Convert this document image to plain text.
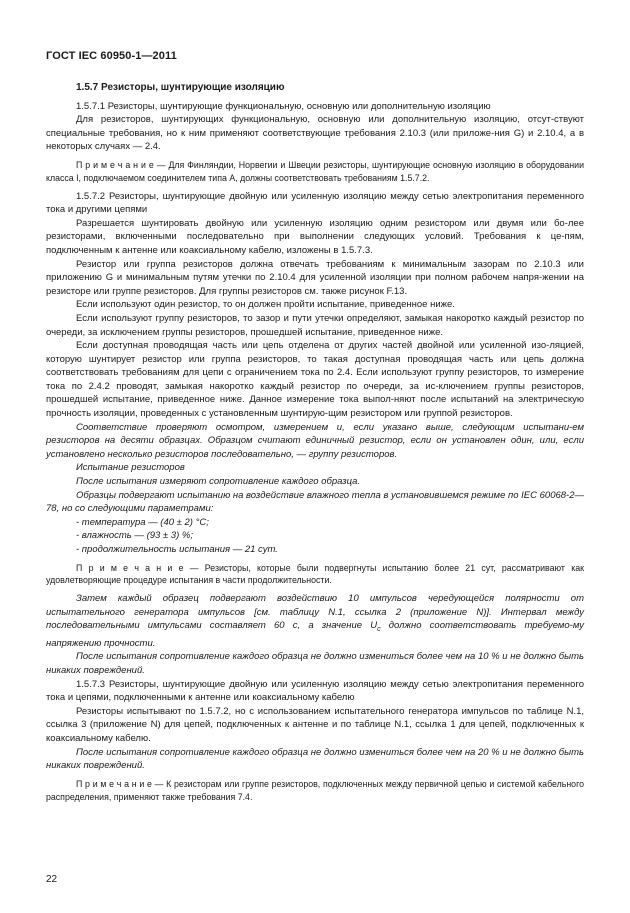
ГОСТ IEC 60950-1—2011

1.5.7 Резисторы, шунтирующие изоляцию

1.5.7.1 Резисторы, шунтирующие функциональную, основную или дополнительную изоляцию

Для резисторов, шунтирующих функциональную, основную или дополнительную изоляцию, отсут-ствуют специальные требования, но к ним применяют соответствующие требования 2.10.3 (или приложе-ния G) и 2.10.4, а в некоторых случаях — 2.4.

П р и м е ч а н и е — Для Финляндии, Норвегии и Швеции резисторы, шунтирующие основную изоляцию в оборудовании класса I, подключаемом соединителем типа А, должны соответствовать требованиям 1.5.7.2.

1.5.7.2 Резисторы, шунтирующие двойную или усиленную изоляцию между сетью электропитания переменного тока и другими цепями

Разрешается шунтировать двойную или усиленную изоляцию одним резистором или двумя или бо-лее резисторами, включенными последовательно при выполнении следующих условий. Требования к це-пям, подключенным к антенне или коаксиальному кабелю, изложены в 1.5.7.3.

Резистор или группа резисторов должна отвечать требованиям к минимальным зазорам по 2.10.3 или приложению G и минимальным путям утечки по 2.10.4 для усиленной изоляции при полном рабочем напря-жении на резисторе или группе резисторов. Для группы резисторов см. также рисунок F.13.

Если используют один резистор, то он должен пройти испытание, приведенное ниже.

Если используют группу резисторов, то зазор и пути утечки определяют, замыкая накоротко каждый резистор по очереди, за исключением группы резисторов, прошедшей испытание, приведенное ниже.

Если доступная проводящая часть или цепь отделена от других частей двойной или усиленной изо-ляцией, которую шунтирует резистор или группа резисторов, то такая доступная проводящая часть или цепь должна соответствовать требованиям для цепи с ограничением тока по 2.4. Если используют группу резисторов, то измерение тока по 2.4.2 проводят, замыкая накоротко каждый резистор по очереди, за ис-ключением группы резисторов, прошедшей испытание, приведенное ниже. Данное измерение тока выпол-няют после испытаний на электрическую прочность изоляции, проведенных с установленным шунтирую-щим резистором или группой резисторов.

Соответствие проверяют осмотром, измерением и, если указано выше, следующим испытани-ем резисторов на десяти образцах. Образцом считают единичный резистор, если он установлен один, или, если установлено несколько резисторов последовательно, — группу резисторов.

Испытание резисторов

После испытания измеряют сопротивление каждого образца.

Образцы подвергают испытанию на воздействие влажного тепла в установившемся режиме по IEC 60068-2—78, но со следующими параметрами:

- температура — (40 ± 2) °С;

- влажность — (93 ± 3) %;

- продолжительность испытания — 21 сут.

П р и м е ч а н и е — Резисторы, которые были подвергнуты испытанию более 21 сут, рассматривают как удовлетворяющие процедуре испытания в части продолжительности.

Затем каждый образец подвергают воздействию 10 импульсов чередующейся полярности от испытательного генератора импульсов [см. таблицу N.1, ссылка 2 (приложение N)]. Интервал между последовательными импульсами составляет 60 с, а значение $U_c$ должно соответствовать требуемо-му напряжению прочности.

После испытания сопротивление каждого образца не должно измениться более чем на 10 % и не должно быть никаких повреждений.

1.5.7.3 Резисторы, шунтирующие двойную или усиленную изоляцию между сетью электропитания переменного тока и цепями, подключенными к антенне или коаксиальному кабелю

Резисторы испытывают по 1.5.7.2, но с использованием испытательного генератора импульсов по таблице N.1, ссылка 3 (приложение N) для цепей, подключенных к антенне и по таблице N.1, ссылка 1 для цепей, подключенных к коаксиальному кабелю.

После испытания сопротивление каждого образца не должно измениться более чем на 20 % и не должно быть никаких повреждений.

П р и м е ч а н и е — К резисторам или группе резисторов, подключенных между первичной цепью и системой кабельного распределения, применяют также требования 7.4.

22
